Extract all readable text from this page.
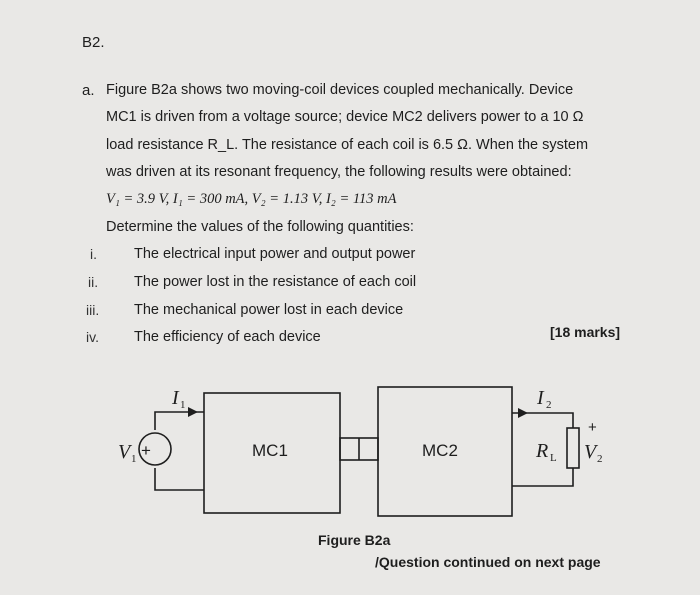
B2.
a. Figure B2a shows two moving-coil devices coupled mechanically. Device
MC1 is driven from a voltage source; device MC2 delivers power to a 10 Ω
load resistance R_L. The resistance of each coil is 6.5 Ω. When the system
was driven at its resonant frequency, the following results were obtained:
V₁ = 3.9 V, I₁ = 300 mA, V₂ = 1.13 V, I₂ = 113 mA
Determine the values of the following quantities:
i.	The electrical input power and output power
ii. The power lost in the resistance of each coil
iii. The mechanical power lost in each device
iv. The efficiency of each device	[18 marks]
+
V 1
I 1
MC1	MC2
I 2
R L
+
V 2
Figure B2a
/Question continued on next page
